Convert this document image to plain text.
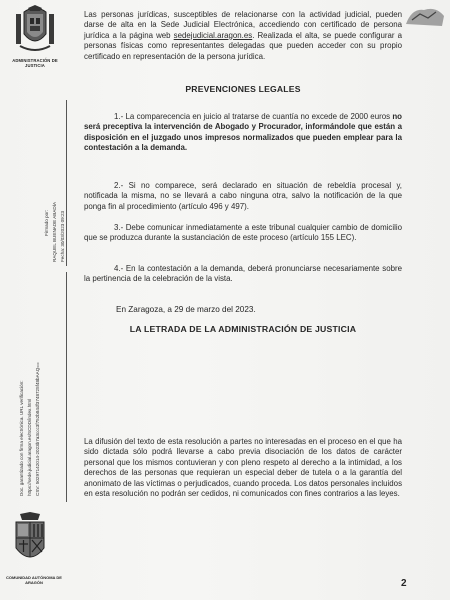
ADMINISTRACIÓN DE JUSTICIA
Firmado por: RAQUEL BUENADE ABADÍA Fecha: 30/03/2023 09:23
Doc. garantizado con firma electrónica. URL verificación: https://sede.judicial.aragon.es/SCDD/index.html CSV: 50297142014-2023b7a3ccc3f752b84df3748725f48bAAQ==
COMUNIDAD AUTÓNOMA DE ARAGÓN

Las personas jurídicas, susceptibles de relacionarse con la actividad judicial, pueden darse de alta en la Sede Judicial Electrónica, accediendo con certificado de persona jurídica a la página web sedejudicial.aragon.es. Realizada el alta, se puede configurar a personas físicas como representantes delegadas que pueden acceder con su propio certificado en representación de la persona jurídica.

PREVENCIONES LEGALES

1.- La comparecencia en juicio al tratarse de cuantía no excede de 2000 euros no será preceptiva la intervención de Abogado y Procurador, informándole que están a disposición en el juzgado unos impresos normalizados que pueden emplear para la contestación a la demanda.

2.- Si no comparece, será declarado en situación de rebeldía procesal y, notificada la misma, no se llevará a cabo ninguna otra, salvo la notificación de la que ponga fin al procedimiento (artículo 496 y 497).

3.- Debe comunicar inmediatamente a este tribunal cualquier cambio de domicilio que se produzca durante la sustanciación de este proceso (artículo 155 LEC).

4.- En la contestación a la demanda, deberá pronunciarse necesariamente sobre la pertinencia de la celebración de la vista.

En Zaragoza, a 29 de marzo del 2023.
LA LETRADA DE LA ADMINISTRACIÓN DE JUSTICIA

La difusión del texto de esta resolución a partes no interesadas en el proceso en el que ha sido dictada sólo podrá llevarse a cabo previa disociación de los datos de carácter personal que los mismos contuvieran y con pleno respeto al derecho a la intimidad, a los derechos de las personas que requieran un especial deber de tutela o a la garantía del anonimato de las víctimas o perjudicados, cuando proceda. Los datos personales incluidos en esta resolución no podrán ser cedidos, ni comunicados con fines contrarios a las leyes.

2
